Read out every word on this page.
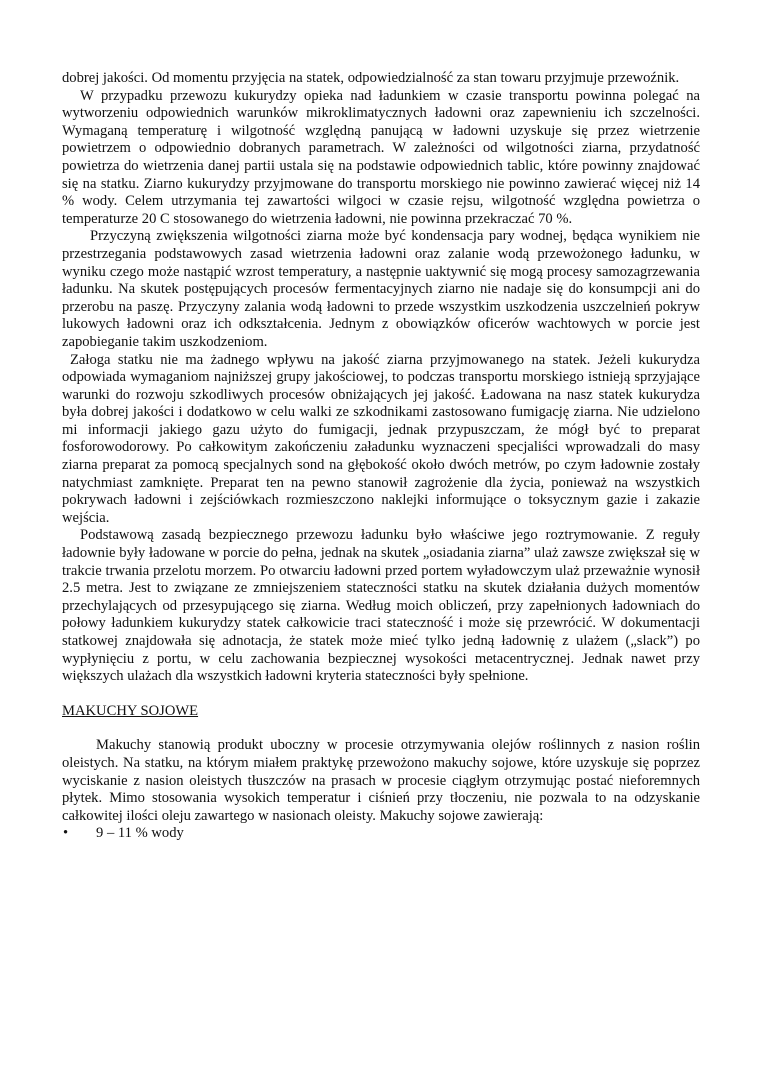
dobrej jakości. Od momentu przyjęcia na statek, odpowiedzialność za stan towaru przyjmuje przewoźnik.

W przypadku przewozu kukurydzy opieka nad ładunkiem w czasie transportu powinna polegać na wytworzeniu odpowiednich warunków mikroklimatycznych ładowni oraz zapewnieniu ich szczelności. Wymaganą temperaturę i wilgotność względną panującą w ładowni uzyskuje się przez wietrzenie powietrzem o odpowiednio dobranych parametrach. W zależności od wilgotności ziarna, przydatność powietrza do wietrzenia danej partii ustala się na podstawie odpowiednich tablic, które powinny znajdować się na statku. Ziarno kukurydzy przyjmowane do transportu morskiego nie powinno zawierać więcej niż 14 % wody. Celem utrzymania tej zawartości wilgoci w czasie rejsu, wilgotność względna powietrza o temperaturze 20 C stosowanego do wietrzenia ładowni, nie powinna przekraczać 70 %.

Przyczyną zwiększenia wilgotności ziarna może być kondensacja pary wodnej, będąca wynikiem nie przestrzegania podstawowych zasad wietrzenia ładowni oraz zalanie wodą przewożonego ładunku, w wyniku czego może nastąpić wzrost temperatury, a następnie uaktywnić się mogą procesy samozagrzewania ładunku. Na skutek postępujących procesów fermentacyjnych ziarno nie nadaje się do konsumpcji ani do przerobu na paszę. Przyczyny zalania wodą ładowni to przede wszystkim uszkodzenia uszczelnień pokryw lukowych ładowni oraz ich odkształcenia. Jednym z obowiązków oficerów wachtowych w porcie jest zapobieganie takim uszkodzeniom.

Załoga statku nie ma żadnego wpływu na jakość ziarna przyjmowanego na statek. Jeżeli kukurydza odpowiada wymaganiom najniższej grupy jakościowej, to podczas transportu morskiego istnieją sprzyjające warunki do rozwoju szkodliwych procesów obniżających jej jakość. Ładowana na nasz statek kukurydza była dobrej jakości i dodatkowo w celu walki ze szkodnikami zastosowano fumigację ziarna. Nie udzielono mi informacji jakiego gazu użyto do fumigacji, jednak przypuszczam, że mógł być to preparat fosforowodorowy. Po całkowitym zakończeniu załadunku wyznaczeni specjaliści wprowadzali do masy ziarna preparat za pomocą specjalnych sond na głębokość około dwóch metrów, po czym ładownie zostały natychmiast zamknięte. Preparat ten na pewno stanowił zagrożenie dla życia, ponieważ na wszystkich pokrywach ładowni i zejściówkach rozmieszczono naklejki informujące o toksycznym gazie i zakazie wejścia.

Podstawową zasadą bezpiecznego przewozu ładunku było właściwe jego roztrymowanie. Z reguły ładownie były ładowane w porcie do pełna, jednak na skutek „osiadania ziarna” ulaż zawsze zwiększał się w trakcie trwania przelotu morzem. Po otwarciu ładowni przed portem wyładowczym ulaż przeważnie wynosił 2.5 metra. Jest to związane ze zmniejszeniem stateczności statku na skutek działania dużych momentów przechylających od przesypującego się ziarna. Według moich obliczeń, przy zapełnionych ładowniach do połowy ładunkiem kukurydzy statek całkowicie traci stateczność i może się przewrócić. W dokumentacji statkowej znajdowała się adnotacja, że statek może mieć tylko jedną ładownię z ulażem („slack”) po wypłynięciu z portu, w celu zachowania bezpiecznej wysokości metacentrycznej. Jednak nawet przy większych ulażach dla wszystkich ładowni kryteria stateczności były spełnione.

MAKUCHY SOJOWE

Makuchy stanowią produkt uboczny w procesie otrzymywania olejów roślinnych z nasion roślin oleistych. Na statku, na którym miałem praktykę przewożono makuchy sojowe, które uzyskuje się poprzez wyciskanie z nasion oleistych tłuszczów na prasach w procesie ciągłym otrzymując postać nieforemnych płytek. Mimo stosowania wysokich temperatur i ciśnień przy tłoczeniu, nie pozwala to na odzyskanie całkowitej ilości oleju zawartego w nasionach oleisty. Makuchy sojowe zawierają:

• 9 – 11 % wody
